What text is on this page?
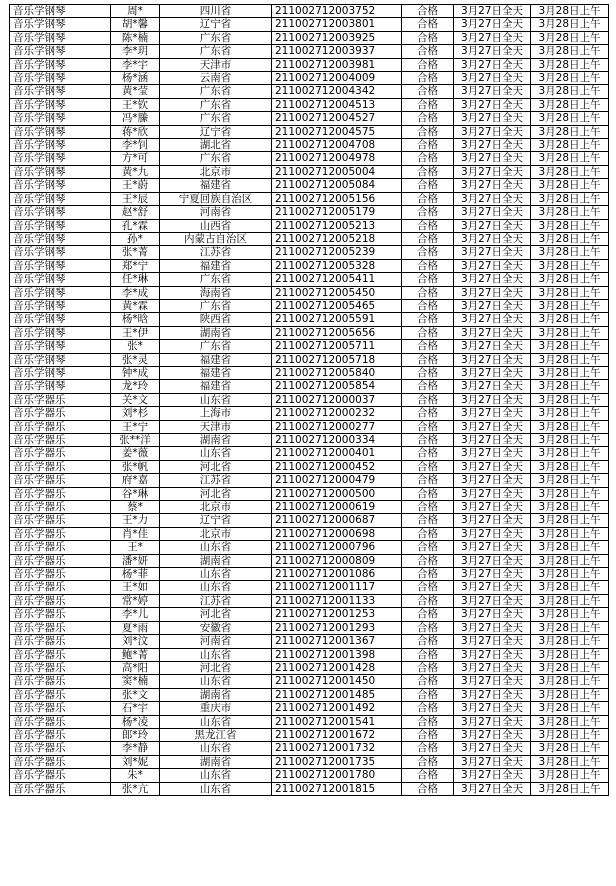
音乐学钢琴	周*	四川省	211002712003752	合格	3月27日全天	3月28日上午
音乐学钢琴	胡*馨	辽宁省	211002712003801	合格	3月27日全天	3月28日上午
音乐学钢琴	陈*楠	广东省	211002712003925	合格	3月27日全天	3月28日上午
音乐学钢琴	李*玥	广东省	211002712003937	合格	3月27日全天	3月28日上午
音乐学钢琴	李*宇	天津市	211002712003981	合格	3月27日全天	3月28日上午
音乐学钢琴	杨*涵	云南省	211002712004009	合格	3月27日全天	3月28日上午
音乐学钢琴	黄*莹	广东省	211002712004342	合格	3月27日全天	3月28日上午
音乐学钢琴	王*钦	广东省	211002712004513	合格	3月27日全天	3月28日上午
音乐学钢琴	冯*縢	广东省	211002712004527	合格	3月27日全天	3月28日上午
音乐学钢琴	蒋*欣	辽宁省	211002712004575	合格	3月27日全天	3月28日上午
音乐学钢琴	李*钊	湖北省	211002712004708	合格	3月27日全天	3月28日上午
音乐学钢琴	方*可	广东省	211002712004978	合格	3月27日全天	3月28日上午
音乐学钢琴	黄*九	北京市	211002712005004	合格	3月27日全天	3月28日上午
音乐学钢琴	王*蔚	福建省	211002712005084	合格	3月27日全天	3月28日上午
音乐学钢琴	王*辰	宁夏回族自治区	211002712005156	合格	3月27日全天	3月28日上午
音乐学钢琴	赵*舒	河南省	211002712005179	合格	3月27日全天	3月28日上午
音乐学钢琴	孔*霖	山西省	211002712005213	合格	3月27日全天	3月28日上午
音乐学钢琴	孙*	内蒙古自治区	211002712005218	合格	3月27日全天	3月28日上午
音乐学钢琴	张*菁	江苏省	211002712005239	合格	3月27日全天	3月28日上午
音乐学钢琴	郑*宁	福建省	211002712005328	合格	3月27日全天	3月28日上午
音乐学钢琴	任*琳	广东省	211002712005411	合格	3月27日全天	3月28日上午
音乐学钢琴	李*成	海南省	211002712005450	合格	3月27日全天	3月28日上午
音乐学钢琴	黄*霖	广东省	211002712005465	合格	3月27日全天	3月28日上午
音乐学钢琴	杨*晗	陕西省	211002712005591	合格	3月27日全天	3月28日上午
音乐学钢琴	王*伊	湖南省	211002712005656	合格	3月27日全天	3月28日上午
音乐学钢琴	张*	广东省	211002712005711	合格	3月27日全天	3月28日上午
音乐学钢琴	张*灵	福建省	211002712005718	合格	3月27日全天	3月28日上午
音乐学钢琴	钟*成	福建省	211002712005840	合格	3月27日全天	3月28日上午
音乐学钢琴	龙*玲	福建省	211002712005854	合格	3月27日全天	3月28日上午
音乐学器乐	关*文	山东省	211002712000037	合格	3月27日全天	3月28日上午
音乐学器乐	刘*杉	上海市	211002712000232	合格	3月27日全天	3月28日上午
音乐学器乐	王*宁	天津市	211002712000277	合格	3月27日全天	3月28日上午
音乐学器乐	张**洋	湖南省	211002712000334	合格	3月27日全天	3月28日上午
音乐学器乐	姜*薇	山东省	211002712000401	合格	3月27日全天	3月28日上午
音乐学器乐	张*帆	河北省	211002712000452	合格	3月27日全天	3月28日上午
音乐学器乐	府*嘉	江苏省	211002712000479	合格	3月27日全天	3月28日上午
音乐学器乐	谷*琳	河北省	211002712000500	合格	3月27日全天	3月28日上午
音乐学器乐	蔡*	北京市	211002712000619	合格	3月27日全天	3月28日上午
音乐学器乐	王*力	辽宁省	211002712000687	合格	3月27日全天	3月28日上午
音乐学器乐	肖*佳	北京市	211002712000698	合格	3月27日全天	3月28日上午
音乐学器乐	王*	山东省	211002712000796	合格	3月27日全天	3月28日上午
音乐学器乐	潘*妍	湖南省	211002712000809	合格	3月27日全天	3月28日上午
音乐学器乐	杨*菲	山东省	211002712001086	合格	3月27日全天	3月28日上午
音乐学器乐	王*如	山东省	211002712001117	合格	3月27日全天	3月28日上午
音乐学器乐	常*婷	江苏省	211002712001133	合格	3月27日全天	3月28日上午
音乐学器乐	李*儿	河北省	211002712001253	合格	3月27日全天	3月28日上午
音乐学器乐	夏*雨	安徽省	211002712001293	合格	3月27日全天	3月28日上午
音乐学器乐	刘*汶	河南省	211002712001367	合格	3月27日全天	3月28日上午
音乐学器乐	鲍*菁	山东省	211002712001398	合格	3月27日全天	3月28日上午
音乐学器乐	高*阳	河北省	211002712001428	合格	3月27日全天	3月28日上午
音乐学器乐	窦*楠	山东省	211002712001450	合格	3月27日全天	3月28日上午
音乐学器乐	张*文	湖南省	211002712001485	合格	3月27日全天	3月28日上午
音乐学器乐	石*宇	重庆市	211002712001492	合格	3月27日全天	3月28日上午
音乐学器乐	杨*凌	山东省	211002712001541	合格	3月27日全天	3月28日上午
音乐学器乐	郎*玲	黑龙江省	211002712001672	合格	3月27日全天	3月28日上午
音乐学器乐	李*静	山东省	211002712001732	合格	3月27日全天	3月28日上午
音乐学器乐	刘*妮	湖南省	211002712001735	合格	3月27日全天	3月28日上午
音乐学器乐	朱*	山东省	211002712001780	合格	3月27日全天	3月28日上午
音乐学器乐	张*亢	山东省	211002712001815	合格	3月27日全天	3月28日上午
